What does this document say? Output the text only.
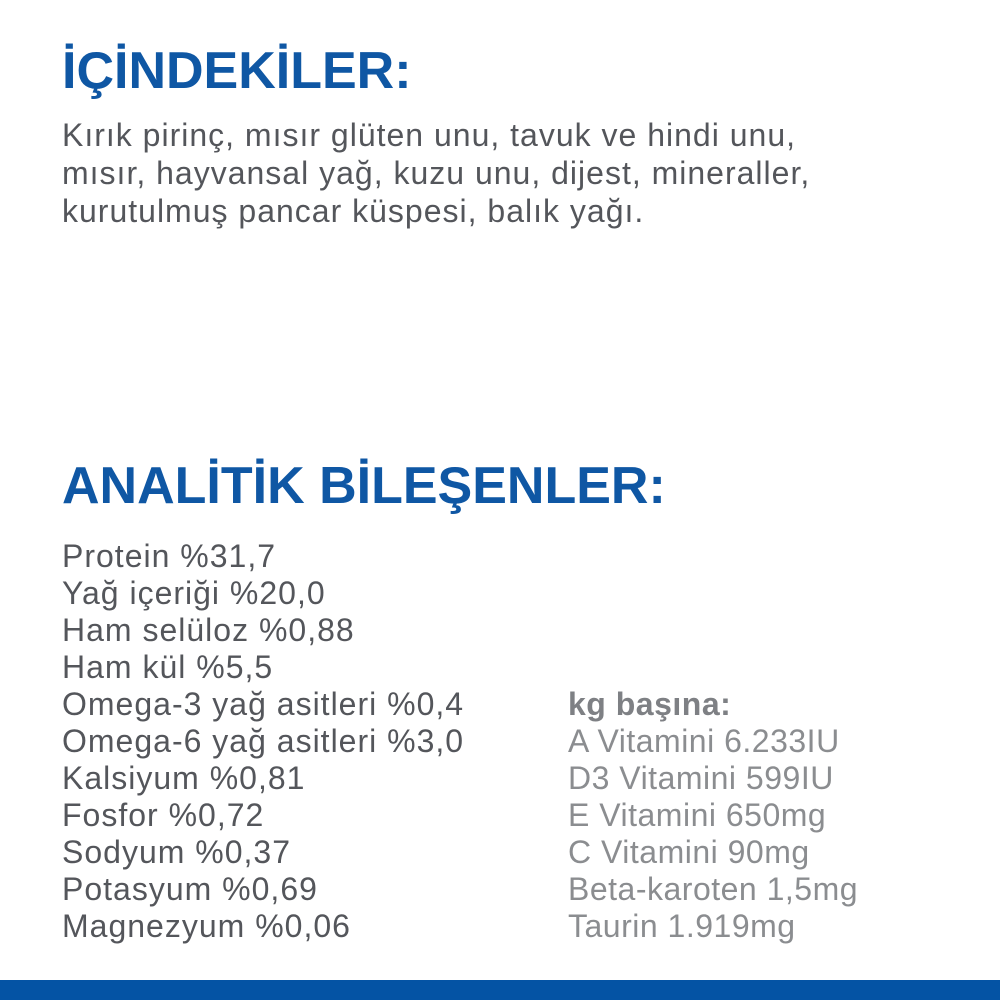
İÇİNDEKİLER:
Kırık pirinç, mısır glüten unu, tavuk ve hindi unu,
mısır, hayvansal yağ, kuzu unu, dijest, mineraller,
kurutulmuş pancar küspesi, balık yağı.
ANALİTİK BİLEŞENLER:
Protein %31,7
Yağ içeriği %20,0
Ham selüloz %0,88
Ham kül %5,5
Omega-3 yağ asitleri %0,4
Omega-6 yağ asitleri %3,0
Kalsiyum %0,81
Fosfor %0,72
Sodyum %0,37
Potasyum %0,69
Magnezyum %0,06
kg başına:
A Vitamini 6.233IU
D3 Vitamini 599IU
E Vitamini 650mg
C Vitamini 90mg
Beta-karoten 1,5mg
Taurin 1.919mg
